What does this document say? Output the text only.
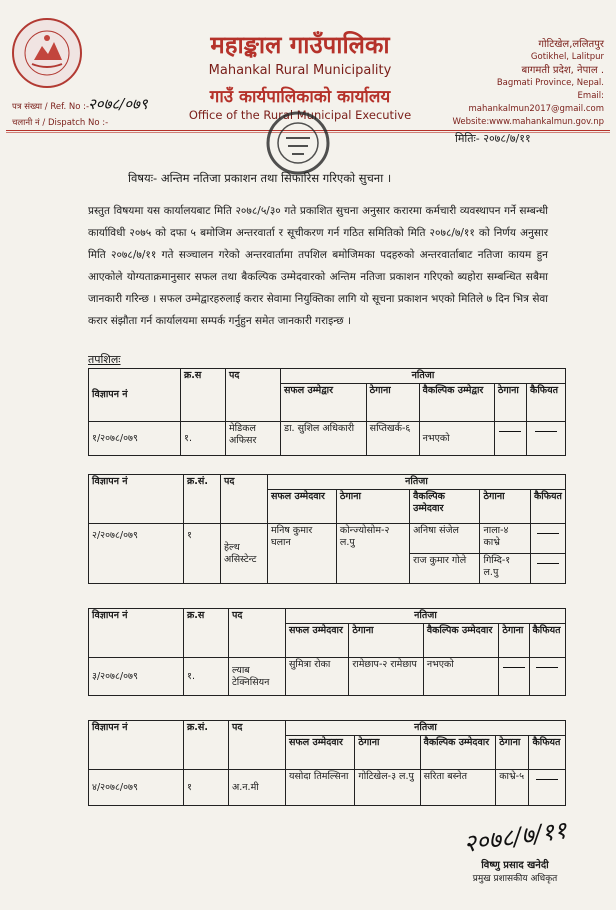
महाङ्काल गाउँपालिका
Mahankal Rural Municipality
गाउँ कार्यपालिकाको कार्यालय
Office of the Rural Municipal Executive
गोटिखेल,ललितपुर
Gotikhel, Lalitpur
बागमती प्रदेश, नेपाल .
Bagmati Province, Nepal.
Email: mahankalmun2017@gmail.com
Website:www.mahankalmun.gov.np
पत्र संख्या / Ref. No :-
२०७८/०७९
चलानी नं / Dispatch No :-
मितिः- २०७८/७/११
विषयः- अन्तिम नतिजा प्रकाशन तथा सिफारिस गरिएको सुचना ।
प्रस्तुत विषयमा यस कार्यालयबाट मिति २०७८/५/३० गते प्रकाशित सुचना अनुसार करारमा कर्मचारी व्यवस्थापन गर्ने सम्बन्धी कार्याविधी २०७५ को दफा ५ बमोजिम अन्तरवार्ता र सूचीकरण गर्न गठित समितिको मिति २०७८/७/११ को निर्णय अनुसार मिति २०७८/७/११ गते सञ्चालन गरेको अन्तरवार्तामा तपशिल बमोजिमका पदहरुको अन्तरवार्ताबाट नतिजा कायम हुन आएकोले योग्यताक्रमानुसार सफल तथा बैकल्पिक उम्मेदवारको अन्तिम नतिजा प्रकाशन गरिएको ब्यहोरा सम्बन्धित सबैमा जानकारी गरिन्छ । सफल उम्मेद्वारहरुलाई करार सेवामा नियुक्तिका लागि यो सूचना प्रकाशन भएको मितिले ७ दिन भित्र सेवा करार संझौता गर्न कार्यालयमा सम्पर्क गर्नुहुन समेत जानकारी गराइन्छ ।
तपशिलः
विज्ञापन नं	क्र.स	पद	नतिजा				
			सफल उम्मेद्वार	ठेगाना	वैकल्पिक उम्मेद्वार	ठेगाना	कैफियत
१/२०७८/०७९	१.	मेडिकल अफिसर	डा. सुशिल अधिकारी	सप्तिखर्क-६	नभएको		
विज्ञापन नं	क्र.सं.	पद	नतिजा				
			सफल उम्मेदवार	ठेगाना	वैकल्पिक उम्मेदवार	ठेगाना	कैफियत
२/२०७८/०७९	१	हेल्थ असिस्टेन्ट	मनिष कुमार घलान	कोन्ज्योसोम-२ ल.पु	अनिषा संजेल	नाला-४ काभ्रे	
					राज कुमार गोले	गिम्दि-१ ल.पु	
विज्ञापन नं	क्र.स	पद	नतिजा				
			सफल उम्मेदवार	ठेगाना	वैकल्पिक उम्मेदवार	ठेगाना	कैफियत
३/२०७८/०७९	१.	ल्याब टेक्निसियन	सुमित्रा रोका	रामेछाप-२ रामेछाप	नभएको		
विज्ञापन नं	क्र.सं.	पद	नतिजा				
			सफल उम्मेदवार	ठेगाना	वैकल्पिक उम्मेदवार	ठेगाना	कैफियत
४/२०७८/०७९	१	अ.न.मी	यसोदा तिमल्सिना	गोटिखेल-३ ल.पु	सरिता बस्नेत	काभ्रे-५	
२०७८/७/११
विष्णु प्रसाद खनेदी
प्रमुख प्रशासकीय अधिकृत
